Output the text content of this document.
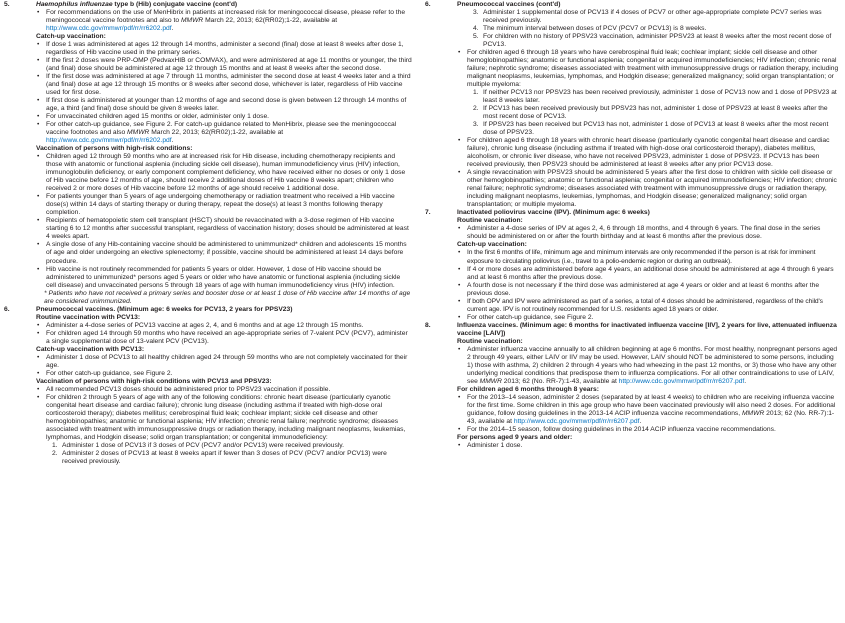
5.	Haemophilus influenzae type b (Hib) conjugate vaccine (cont'd)
• For recommendations on the use of MenHibrix in patients at increased risk for meningococcal disease, please refer to the meningococcal vaccine footnotes and also to MMWR March 22, 2013; 62(RR02);1-22, available at http://www.cdc.gov/mmwr/pdf/rr/rr6202.pdf.
Catch-up vaccination:
• If dose 1 was administered at ages 12 through 14 months, administer a second (final) dose at least 8 weeks after dose 1, regardless of Hib vaccine used in the primary series.
• If the first 2 doses were PRP-OMP (PedvaxHIB or COMVAX), and were administered at age 11 months or younger, the third (and final) dose should be administered at age 12 through 15 months and at least 8 weeks after the second dose.
• If the first dose was administered at age 7 through 11 months, administer the second dose at least 4 weeks later and a third (and final) dose at age 12 through 15 months or 8 weeks after second dose, whichever is later, regardless of Hib vaccine used for first dose.
• If first dose is administered at younger than 12 months of age and second dose is given between 12 through 14 months of age, a third (and final) dose should be given 8 weeks later.
• For unvaccinated children aged 15 months or older, administer only 1 dose.
• For other catch-up guidance, see Figure 2. For catch-up guidance related to MenHibrix, please see the meningococcal vaccine footnotes and also MMWR March 22, 2013; 62(RR02);1-22, available at http://www.cdc.gov/mmwr/pdf/rr/rr6202.pdf.
Vaccination of persons with high-risk conditions:
• Children aged 12 through 59 months who are at increased risk for Hib disease, including chemotherapy recipients and those with anatomic or functional asplenia (including sickle cell disease), human immunodeficiency virus (HIV) infection, immunoglobulin deficiency, or early component complement deficiency, who have received either no doses or only 1 dose of Hib vaccine before 12 months of age, should receive 2 additional doses of Hib vaccine 8 weeks apart; children who received 2 or more doses of Hib vaccine before 12 months of age should receive 1 additional dose.
• For patients younger than 5 years of age undergoing chemotherapy or radiation treatment who received a Hib vaccine dose(s) within 14 days of starting therapy or during therapy, repeat the dose(s) at least 3 months following therapy completion.
• Recipients of hematopoietic stem cell transplant (HSCT) should be revaccinated with a 3-dose regimen of Hib vaccine starting 6 to 12 months after successful transplant, regardless of vaccination history; doses should be administered at least 4 weeks apart.
• A single dose of any Hib-containing vaccine should be administered to unimmunized* children and adolescents 15 months of age and older undergoing an elective splenectomy; if possible, vaccine should be administered at least 14 days before procedure.
• Hib vaccine is not routinely recommended for patients 5 years or older. However, 1 dose of Hib vaccine should be administered to unimmunized* persons aged 5 years or older who have anatomic or functional asplenia (including sickle cell disease) and unvaccinated persons 5 through 18 years of age with human immunodeficiency virus (HIV) infection.
* Patients who have not received a primary series and booster dose or at least 1 dose of Hib vaccine after 14 months of age are considered unimmunized.
6.	Pneumococcal vaccines. (Minimum age: 6 weeks for PCV13, 2 years for PPSV23)
Routine vaccination with PCV13:
• Administer a 4-dose series of PCV13 vaccine at ages 2, 4, and 6 months and at age 12 through 15 months.
• For children aged 14 through 59 months who have received an age-appropriate series of 7-valent PCV (PCV7), administer a single supplemental dose of 13-valent PCV (PCV13).
Catch-up vaccination with PCV13:
• Administer 1 dose of PCV13 to all healthy children aged 24 through 59 months who are not completely vaccinated for their age.
• For other catch-up guidance, see Figure 2.
Vaccination of persons with high-risk conditions with PCV13 and PPSV23:
• All recommended PCV13 doses should be administered prior to PPSV23 vaccination if possible.
• For children 2 through 5 years of age with any of the following conditions: chronic heart disease (particularly cyanotic congenital heart disease and cardiac failure); chronic lung disease (including asthma if treated with high-dose oral corticosteroid therapy); diabetes mellitus; cerebrospinal fluid leak; cochlear implant; sickle cell disease and other hemoglobinopathies; anatomic or functional asplenia; HIV infection; chronic renal failure; nephrotic syndrome; diseases associated with treatment with immunosuppressive drugs or radiation therapy, including malignant neoplasms, leukemias, lymphomas, and Hodgkin disease; solid organ transplantation; or congenital immunodeficiency:
1. Administer 1 dose of PCV13 if 3 doses of PCV (PCV7 and/or PCV13) were received previously.
2. Administer 2 doses of PCV13 at least 8 weeks apart if fewer than 3 doses of PCV (PCV7 and/or PCV13) were received previously.
6.	Pneumococcal vaccines (cont'd)
3. Administer 1 supplemental dose of PCV13 if 4 doses of PCV7 or other age-appropriate complete PCV7 series was received previously.
4. The minimum interval between doses of PCV (PCV7 or PCV13) is 8 weeks.
5. For children with no history of PPSV23 vaccination, administer PPSV23 at least 8 weeks after the most recent dose of PCV13.
• For children aged 6 through 18 years who have cerebrospinal fluid leak; cochlear implant; sickle cell disease and other hemoglobinopathies; anatomic or functional asplenia; congenital or acquired immunodeficiencies; HIV infection; chronic renal failure; nephrotic syndrome; diseases associated with treatment with immunosuppressive drugs or radiation therapy, including malignant neoplasms, leukemias, lymphomas, and Hodgkin disease; generalized malignancy; solid organ transplantation; or multiple myeloma:
1. If neither PCV13 nor PPSV23 has been received previously, administer 1 dose of PCV13 now and 1 dose of PPSV23 at least 8 weeks later.
2. If PCV13 has been received previously but PPSV23 has not, administer 1 dose of PPSV23 at least 8 weeks after the most recent dose of PCV13.
3. If PPSV23 has been received but PCV13 has not, administer 1 dose of PCV13 at least 8 weeks after the most recent dose of PPSV23.
• For children aged 6 through 18 years with chronic heart disease (particularly cyanotic congenital heart disease and cardiac failure), chronic lung disease (including asthma if treated with high-dose oral corticosteroid therapy), diabetes mellitus, alcoholism, or chronic liver disease, who have not received PPSV23, administer 1 dose of PPSV23. If PCV13 has been received previously, then PPSV23 should be administered at least 8 weeks after any prior PCV13 dose.
• A single revaccination with PPSV23 should be administered 5 years after the first dose to children with sickle cell disease or other hemoglobinopathies; anatomic or functional asplenia; congenital or acquired immunodeficiencies; HIV infection; chronic renal failure; nephrotic syndrome; diseases associated with treatment with immunosuppressive drugs or radiation therapy, including malignant neoplasms, leukemias, lymphomas, and Hodgkin disease; generalized malignancy; solid organ transplantation; or multiple myeloma.
7.	Inactivated poliovirus vaccine (IPV). (Minimum age: 6 weeks)
Routine vaccination:
• Administer a 4-dose series of IPV at ages 2, 4, 6 through 18 months, and 4 through 6 years. The final dose in the series should be administered on or after the fourth birthday and at least 6 months after the previous dose.
Catch-up vaccination:
• In the first 6 months of life, minimum age and minimum intervals are only recommended if the person is at risk for imminent exposure to circulating poliovirus (i.e., travel to a polio-endemic region or during an outbreak).
• If 4 or more doses are administered before age 4 years, an additional dose should be administered at age 4 through 6 years and at least 6 months after the previous dose.
• A fourth dose is not necessary if the third dose was administered at age 4 years or older and at least 6 months after the previous dose.
• If both OPV and IPV were administered as part of a series, a total of 4 doses should be administered, regardless of the child's current age. IPV is not routinely recommended for U.S. residents aged 18 years or older.
• For other catch-up guidance, see Figure 2.
8.	Influenza vaccines. (Minimum age: 6 months for inactivated influenza vaccine [IIV], 2 years for live, attenuated influenza vaccine [LAIV])
Routine vaccination:
• Administer influenza vaccine annually to all children beginning at age 6 months. For most healthy, nonpregnant persons aged 2 through 49 years, either LAIV or IIV may be used. However, LAIV should NOT be administered to some persons, including 1) those with asthma, 2) children 2 through 4 years who had wheezing in the past 12 months, or 3) those who have any other underlying medical conditions that predispose them to influenza complications. For all other contraindications to use of LAIV, see MMWR 2013; 62 (No. RR-7):1-43, available at http://www.cdc.gov/mmwr/pdf/rr/rr6207.pdf.
For children aged 6 months through 8 years:
• For the 2013–14 season, administer 2 doses (separated by at least 4 weeks) to children who are receiving influenza vaccine for the first time. Some children in this age group who have been vaccinated previously will also need 2 doses. For additional guidance, follow dosing guidelines in the 2013-14 ACIP influenza vaccine recommendations, MMWR 2013; 62 (No. RR-7):1-43, available at http://www.cdc.gov/mmwr/pdf/rr/rr6207.pdf.
• For the 2014–15 season, follow dosing guidelines in the 2014 ACIP influenza vaccine recommendations.
For persons aged 9 years and older:
• Administer 1 dose.
